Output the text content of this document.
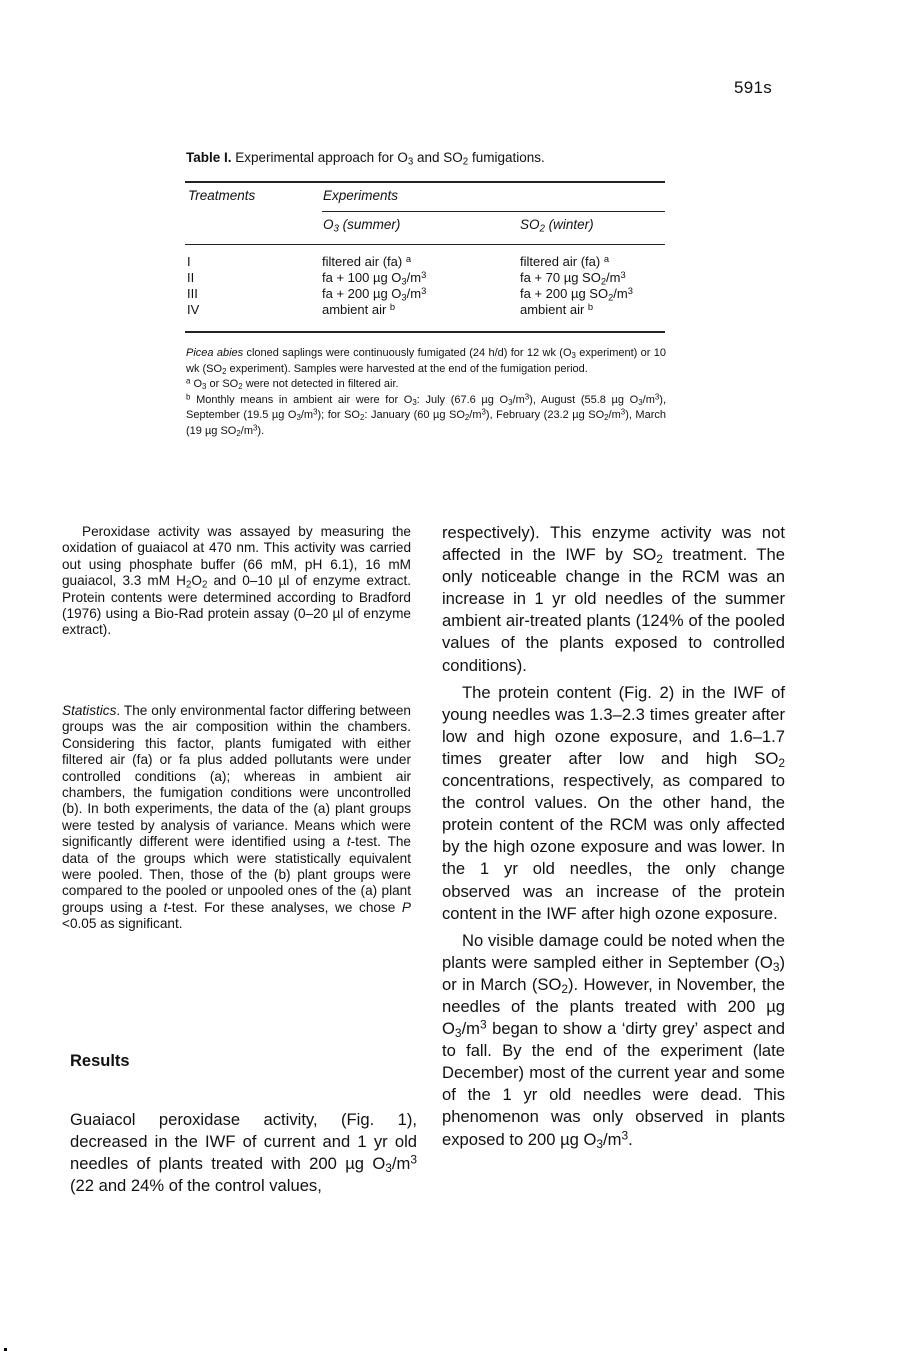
591s
Table I. Experimental approach for $O_3$ and $SO_2$ fumigations.
Treatments	Experiments
$O_3$ (summer)	$SO_2$ (winter)
I	filtered air (fa) $^a$	filtered air (fa) $^a$
II	fa + 100 µg $O_3/m^3$	fa + 70 µg $SO_2/m^3$
III	fa + 200 µg $O_3/m^3$	fa + 200 µg $SO_2/m^3$
IV	ambient air $^b$	ambient air $^b$

Picea abies cloned saplings were continuously fumigated (24 h/d) for 12 wk ($O_3$ experiment) or 10 wk ($SO_2$ experiment). Samples were harvested at the end of the fumigation period.

$^a$ $O_3$ or $SO_2$ were not detected in filtered air.

$^b$ Monthly means in ambient air were for $O_3$: July (67.6 µg $O_3/m^3$), August (55.8 µg $O_3/m^3$), September (19.5 µg $O_3/m^3$); for $SO_2$: January (60 µg $SO_2/m^3$), February (23.2 µg $SO_2/m^3$), March (19 µg $SO_2/m^3$).

Peroxidase activity was assayed by measuring the oxidation of guaiacol at 470 nm. This activity was carried out using phosphate buffer (66 mM, pH 6.1), 16 mM guaiacol, 3.3 mM $H_2O_2$ and 0–10 µl of enzyme extract. Protein contents were determined according to Bradford (1976) using a Bio-Rad protein assay (0–20 µl of enzyme extract).

Statistics. The only environmental factor differing between groups was the air composition within the chambers. Considering this factor, plants fumigated with either filtered air (fa) or fa plus added pollutants were under controlled conditions (a); whereas in ambient air chambers, the fumigation conditions were uncontrolled (b). In both experiments, the data of the (a) plant groups were tested by analysis of variance. Means which were significantly different were identified using a t-test. The data of the groups which were statistically equivalent were pooled. Then, those of the (b) plant groups were compared to the pooled or unpooled ones of the (a) plant groups using a t-test. For these analyses, we chose P <0.05 as significant.

Results

Guaiacol peroxidase activity, (Fig. 1), decreased in the IWF of current and 1 yr old needles of plants treated with 200 µg $O_3/m^3$ (22 and 24% of the control values,

respectively). This enzyme activity was not affected in the IWF by $SO_2$ treatment. The only noticeable change in the RCM was an increase in 1 yr old needles of the summer ambient air-treated plants (124% of the pooled values of the plants exposed to controlled conditions).

The protein content (Fig. 2) in the IWF of young needles was 1.3–2.3 times greater after low and high ozone exposure, and 1.6–1.7 times greater after low and high $SO_2$ concentrations, respectively, as compared to the control values. On the other hand, the protein content of the RCM was only affected by the high ozone exposure and was lower. In the 1 yr old needles, the only change observed was an increase of the protein content in the IWF after high ozone exposure.

No visible damage could be noted when the plants were sampled either in September $(O_3)$ or in March $(SO_2)$. However, in November, the needles of the plants treated with 200 µg $O_3/m^3$ began to show a ‘dirty grey’ aspect and to fall. By the end of the experiment (late December) most of the current year and some of the 1 yr old needles were dead. This phenomenon was only observed in plants exposed to 200 µg $O_3/m^3$.
